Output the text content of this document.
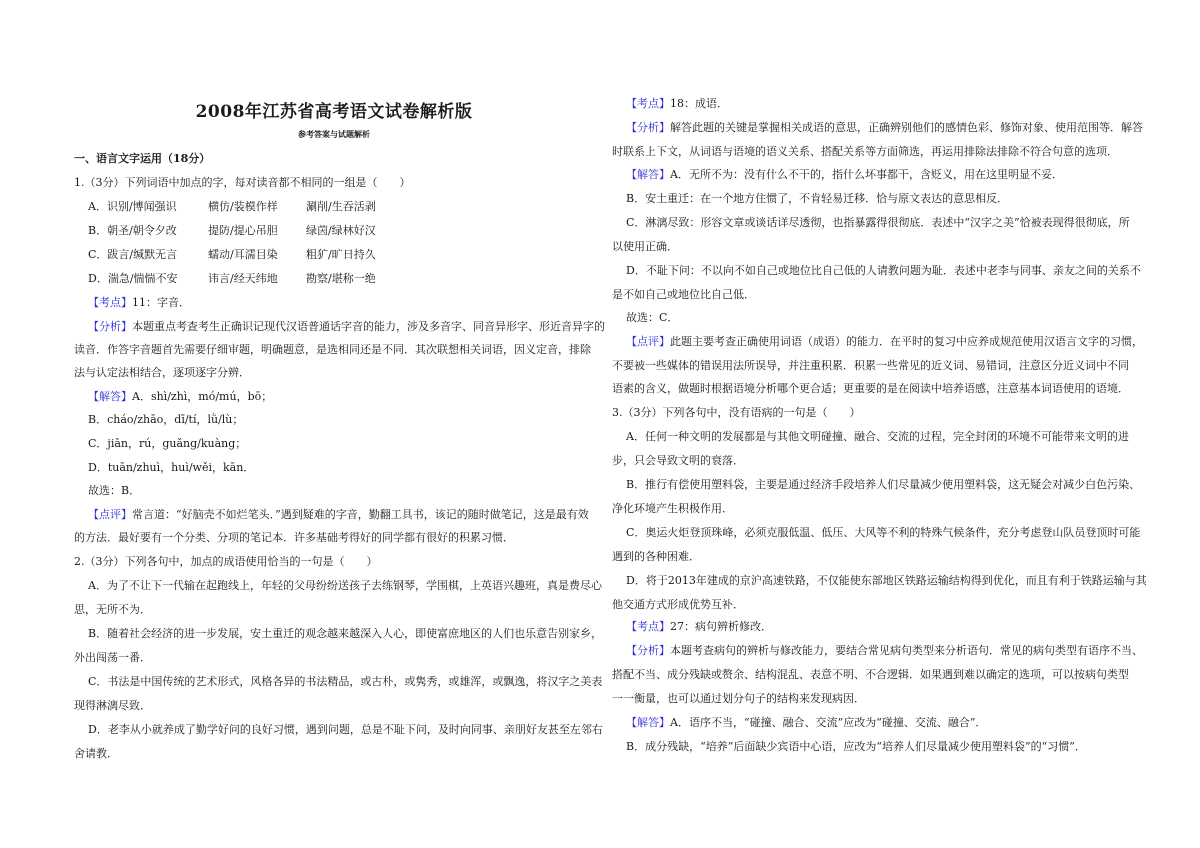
2008年江苏省高考语文试卷解析版
参考答案与试题解析
一、语言文字运用（18分）
1.（3分）下列词语中加点的字，每对读音都不相同的一组是（　　）
A．识别/博闻强识	横仿/装模作样	涮削/生吞活剥
B．朝圣/朝令夕改	提防/提心吊胆	绿茵/绿林好汉
C．跋言/缄默无言	蠕动/耳濡目染	粗犷/旷日持久
D．湍急/惴惴不安	讳言/经天纬地	勘察/堪称一绝
【考点】11：字音．
【分析】本题重点考查考生正确识记现代汉语普通话字音的能力，涉及多音字、同音异形字、形近音异字的
读音．作答字音题首先需要仔细审题，明确题意，是选相同还是不同．其次联想相关词语，因义定音，排除
法与认定法相结合，逐项逐字分辨．
【解答】A．shì/zhì，mó/mú，bō；
B．cháo/zhāo，dī/tí，lǜ/lù；
C．jiān，rú，guǎng/kuàng；
D．tuān/zhuì，huì/wěi，kān．
故选：B．
【点评】常言道：“好脑壳不如烂笔头．”遇到疑难的字音，勤翻工具书，该记的随时做笔记，这是最有效
的方法．最好要有一个分类、分项的笔记本．许多基础考得好的同学都有很好的积累习惯．
2.（3分）下列各句中，加点的成语使用恰当的一句是（　　）
A．为了不让下一代输在起跑线上，年轻的父母纷纷送孩子去练钢琴，学围棋，上英语兴趣班，真是费尽心
思，无所不为．
B．随着社会经济的进一步发展，安土重迁的观念越来越深入人心，即使富庶地区的人们也乐意告别家乡，
外出闯荡一番．
C．书法是中国传统的艺术形式，风格各异的书法精品，或古朴，或隽秀，或雄浑，或飘逸，将汉字之美表
现得淋漓尽致．
D．老李从小就养成了勤学好问的良好习惯，遇到问题，总是不耻下问，及时向同事、亲朋好友甚至左邻右
舍请教．
【考点】18：成语．
【分析】解答此题的关键是掌握相关成语的意思，正确辨别他们的感情色彩、修饰对象、使用范围等．解答
时联系上下文，从词语与语境的语义关系、搭配关系等方面筛选，再运用排除法排除不符合句意的选项．
【解答】A．无所不为：没有什么不干的，指什么坏事都干，含贬义，用在这里明显不妥．
B．安土重迁：在一个地方住惯了，不肯轻易迁移．恰与原文表达的意思相反．
C．淋漓尽致：形容文章或谈话详尽透彻，也指暴露得很彻底．表述中“汉字之美”恰被表现得很彻底，所
以使用正确．
D．不耻下问：不以向不如自己或地位比自己低的人请教问题为耻．表述中老李与同事、亲友之间的关系不
是不如自己或地位比自己低．
故选：C．
【点评】此题主要考查正确使用词语（成语）的能力．在平时的复习中应养成规范使用汉语言文字的习惯，
不要被一些媒体的错误用法所误导，并注重积累．积累一些常见的近义词、易错词，注意区分近义词中不同
语素的含义，做题时根据语境分析哪个更合适；更重要的是在阅读中培养语感，注意基本词语使用的语境．
3.（3分）下列各句中，没有语病的一句是（　　）
A．任何一种文明的发展都是与其他文明碰撞、融合、交流的过程，完全封闭的环境不可能带来文明的进
步，只会导致文明的衰落．
B．推行有偿使用塑料袋，主要是通过经济手段培养人们尽量减少使用塑料袋，这无疑会对减少白色污染、
净化环境产生积极作用．
C．奥运火炬登顶珠峰，必须克服低温、低压、大风等不利的特殊气候条件，充分考虑登山队员登顶时可能
遇到的各种困难．
D．将于2013年建成的京沪高速铁路，不仅能使东部地区铁路运输结构得到优化，而且有利于铁路运输与其
他交通方式形成优势互补．
【考点】27：病句辨析修改．
【分析】本题考查病句的辨析与修改能力，要结合常见病句类型来分析语句．常见的病句类型有语序不当、
搭配不当、成分残缺或赘余、结构混乱、表意不明、不合逻辑．如果遇到难以确定的选项，可以按病句类型
一一衡量，也可以通过划分句子的结构来发现病因．
【解答】A．语序不当，“碰撞、融合、交流”应改为“碰撞、交流、融合”．
B．成分残缺，“培养”后面缺少宾语中心语，应改为“培养人们尽量减少使用塑料袋”的“习惯”．
